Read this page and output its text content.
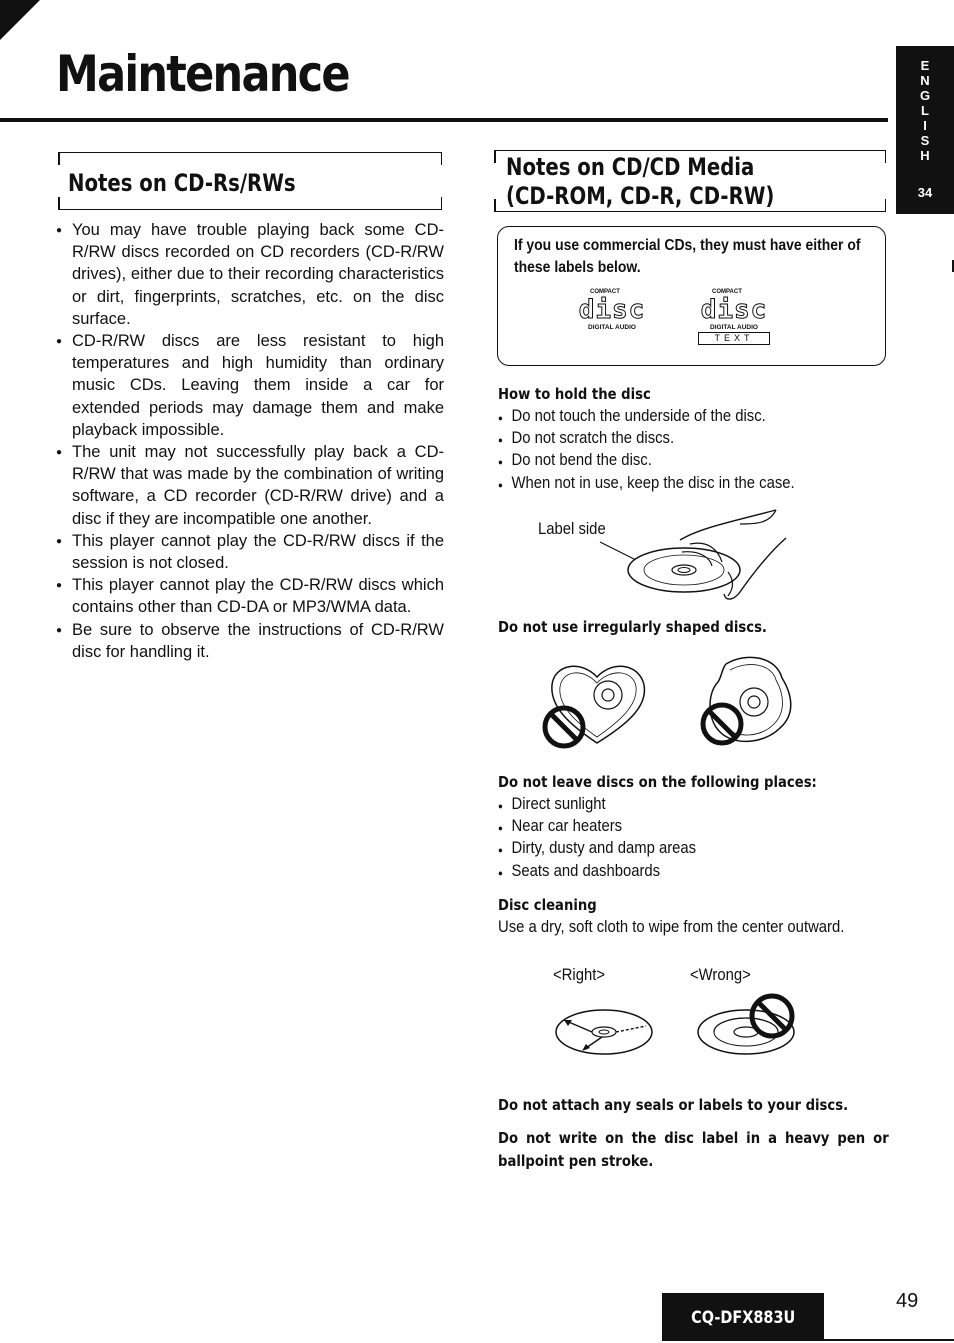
Maintenance	E
N
G
L
I
S
H
34
Notes on CD-Rs/RWs
● You may have trouble playing back some CD-R/RW discs recorded on CD recorders (CD-R/RW drives), either due to their recording characteristics or dirt, fingerprints, scratches, etc. on the disc surface.
● CD-R/RW discs are less resistant to high temperatures and high humidity than ordinary music CDs. Leaving them inside a car for extended periods may damage them and make playback impossible.
● The unit may not successfully play back a CD-R/RW that was made by the combination of writing software, a CD recorder (CD-R/RW drive) and a disc if they are incompatible one another.
● This player cannot play the CD-R/RW discs if the session is not closed.
● This player cannot play the CD-R/RW discs which contains other than CD-DA or MP3/WMA data.
● Be sure to observe the instructions of CD-R/RW disc for handling it.
Notes on CD/CD Media
(CD-ROM, CD-R, CD-RW)
If you use commercial CDs, they must have either of these labels below.
COMPACT
disc
DIGITAL AUDIO
COMPACT
disc
DIGITAL AUDIO
TEXT
How to hold the disc
● Do not touch the underside of the disc.
● Do not scratch the discs.
● Do not bend the disc.
● When not in use, keep the disc in the case.
Label side
Do not use irregularly shaped discs.
Do not leave discs on the following places:
● Direct sunlight
● Near car heaters
● Dirty, dusty and damp areas
● Seats and dashboards
Disc cleaning
Use a dry, soft cloth to wipe from the center outward.
<Right>	<Wrong>
Do not attach any seals or labels to your discs.
Do not write on the disc label in a heavy pen or ballpoint pen stroke.
CQ-DFX883U
49
